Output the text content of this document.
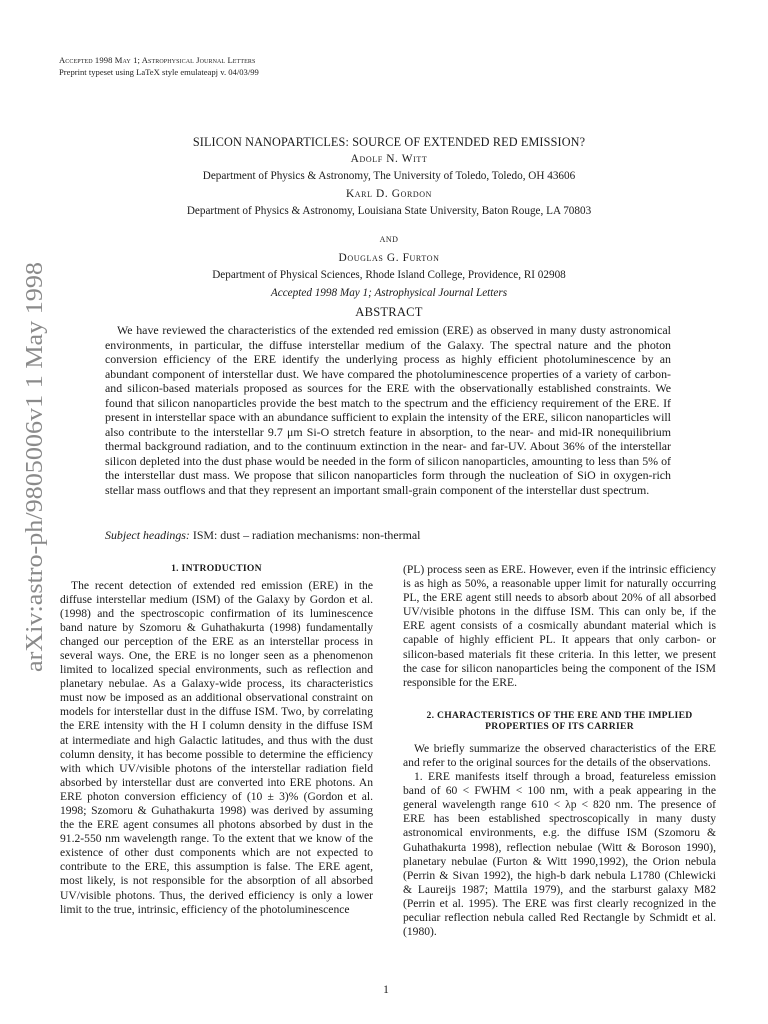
arXiv:astro-ph/9805006v1 1 May 1998
Accepted 1998 May 1; Astrophysical Journal Letters
Preprint typeset using LaTeX style emulateapj v. 04/03/99
SILICON NANOPARTICLES: SOURCE OF EXTENDED RED EMISSION?
Adolf N. Witt
Department of Physics & Astronomy, The University of Toledo, Toledo, OH 43606
Karl D. Gordon
Department of Physics & Astronomy, Louisiana State University, Baton Rouge, LA 70803
and
Douglas G. Furton
Department of Physical Sciences, Rhode Island College, Providence, RI 02908
Accepted 1998 May 1; Astrophysical Journal Letters
ABSTRACT

We have reviewed the characteristics of the extended red emission (ERE) as observed in many dusty astronomical environments, in particular, the diffuse interstellar medium of the Galaxy. The spectral nature and the photon conversion efficiency of the ERE identify the underlying process as highly efficient photoluminescence by an abundant component of interstellar dust. We have compared the photoluminescence properties of a variety of carbon- and silicon-based materials proposed as sources for the ERE with the observationally established constraints. We found that silicon nanoparticles provide the best match to the spectrum and the efficiency requirement of the ERE. If present in interstellar space with an abundance sufficient to explain the intensity of the ERE, silicon nanoparticles will also contribute to the interstellar 9.7 μm Si-O stretch feature in absorption, to the near- and mid-IR nonequilibrium thermal background radiation, and to the continuum extinction in the near- and far-UV. About 36% of the interstellar silicon depleted into the dust phase would be needed in the form of silicon nanoparticles, amounting to less than 5% of the interstellar dust mass. We propose that silicon nanoparticles form through the nucleation of SiO in oxygen-rich stellar mass outflows and that they represent an important small-grain component of the interstellar dust spectrum.

Subject headings: ISM: dust – radiation mechanisms: non-thermal

1. INTRODUCTION

The recent detection of extended red emission (ERE) in the diffuse interstellar medium (ISM) of the Galaxy by Gordon et al. (1998) and the spectroscopic confirmation of its luminescence band nature by Szomoru & Guhathakurta (1998) fundamentally changed our perception of the ERE as an interstellar process in several ways. One, the ERE is no longer seen as a phenomenon limited to localized special environments, such as reflection and planetary nebulae. As a Galaxy-wide process, its characteristics must now be imposed as an additional observational constraint on models for interstellar dust in the diffuse ISM. Two, by correlating the ERE intensity with the H I column density in the diffuse ISM at intermediate and high Galactic latitudes, and thus with the dust column density, it has become possible to determine the efficiency with which UV/visible photons of the interstellar radiation field absorbed by interstellar dust are converted into ERE photons. An ERE photon conversion efficiency of (10 ± 3)% (Gordon et al. 1998; Szomoru & Guhathakurta 1998) was derived by assuming the the ERE agent consumes all photons absorbed by dust in the 91.2-550 nm wavelength range. To the extent that we know of the existence of other dust components which are not expected to contribute to the ERE, this assumption is false. The ERE agent, most likely, is not responsible for the absorption of all absorbed UV/visible photons. Thus, the derived efficiency is only a lower limit to the true, intrinsic, efficiency of the photoluminescence

(PL) process seen as ERE. However, even if the intrinsic efficiency is as high as 50%, a reasonable upper limit for naturally occurring PL, the ERE agent still needs to absorb about 20% of all absorbed UV/visible photons in the diffuse ISM. This can only be, if the ERE agent consists of a cosmically abundant material which is capable of highly efficient PL. It appears that only carbon- or silicon-based materials fit these criteria. In this letter, we present the case for silicon nanoparticles being the component of the ISM responsible for the ERE.

2. CHARACTERISTICS OF THE ERE AND THE IMPLIED PROPERTIES OF ITS CARRIER

We briefly summarize the observed characteristics of the ERE and refer to the original sources for the details of the observations.

1. ERE manifests itself through a broad, featureless emission band of 60 < FWHM < 100 nm, with a peak appearing in the general wavelength range 610 < λp < 820 nm. The presence of ERE has been established spectroscopically in many dusty astronomical environments, e.g. the diffuse ISM (Szomoru & Guhathakurta 1998), reflection nebulae (Witt & Boroson 1990), planetary nebulae (Furton & Witt 1990,1992), the Orion nebula (Perrin & Sivan 1992), the high-b dark nebula L1780 (Chlewicki & Laureijs 1987; Mattila 1979), and the starburst galaxy M82 (Perrin et al. 1995). The ERE was first clearly recognized in the peculiar reflection nebula called Red Rectangle by Schmidt et al. (1980).

1
